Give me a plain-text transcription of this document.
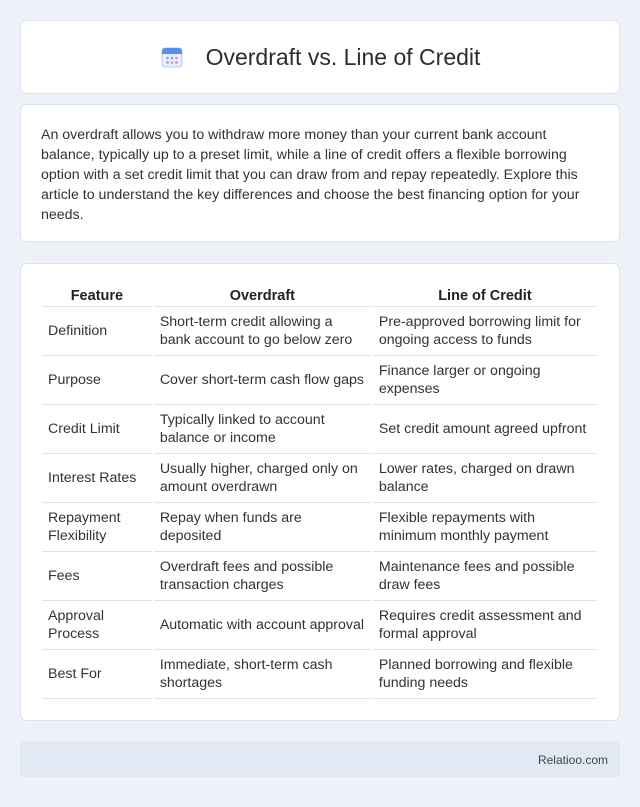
Overdraft vs. Line of Credit

An overdraft allows you to withdraw more money than your current bank account balance, typically up to a preset limit, while a line of credit offers a flexible borrowing option with a set credit limit that you can draw from and repay repeatedly. Explore this article to understand the key differences and choose the best financing option for your needs.

Feature	Overdraft	Line of Credit
Definition	Short-term credit allowing a bank account to go below zero	Pre-approved borrowing limit for ongoing access to funds
Purpose	Cover short-term cash flow gaps	Finance larger or ongoing expenses
Credit Limit	Typically linked to account balance or income	Set credit amount agreed upfront
Interest Rates	Usually higher, charged only on amount overdrawn	Lower rates, charged on drawn balance
Repayment Flexibility	Repay when funds are deposited	Flexible repayments with minimum monthly payment
Fees	Overdraft fees and possible transaction charges	Maintenance fees and possible draw fees
Approval Process	Automatic with account approval	Requires credit assessment and formal approval
Best For	Immediate, short-term cash shortages	Planned borrowing and flexible funding needs
Relatioo.com
